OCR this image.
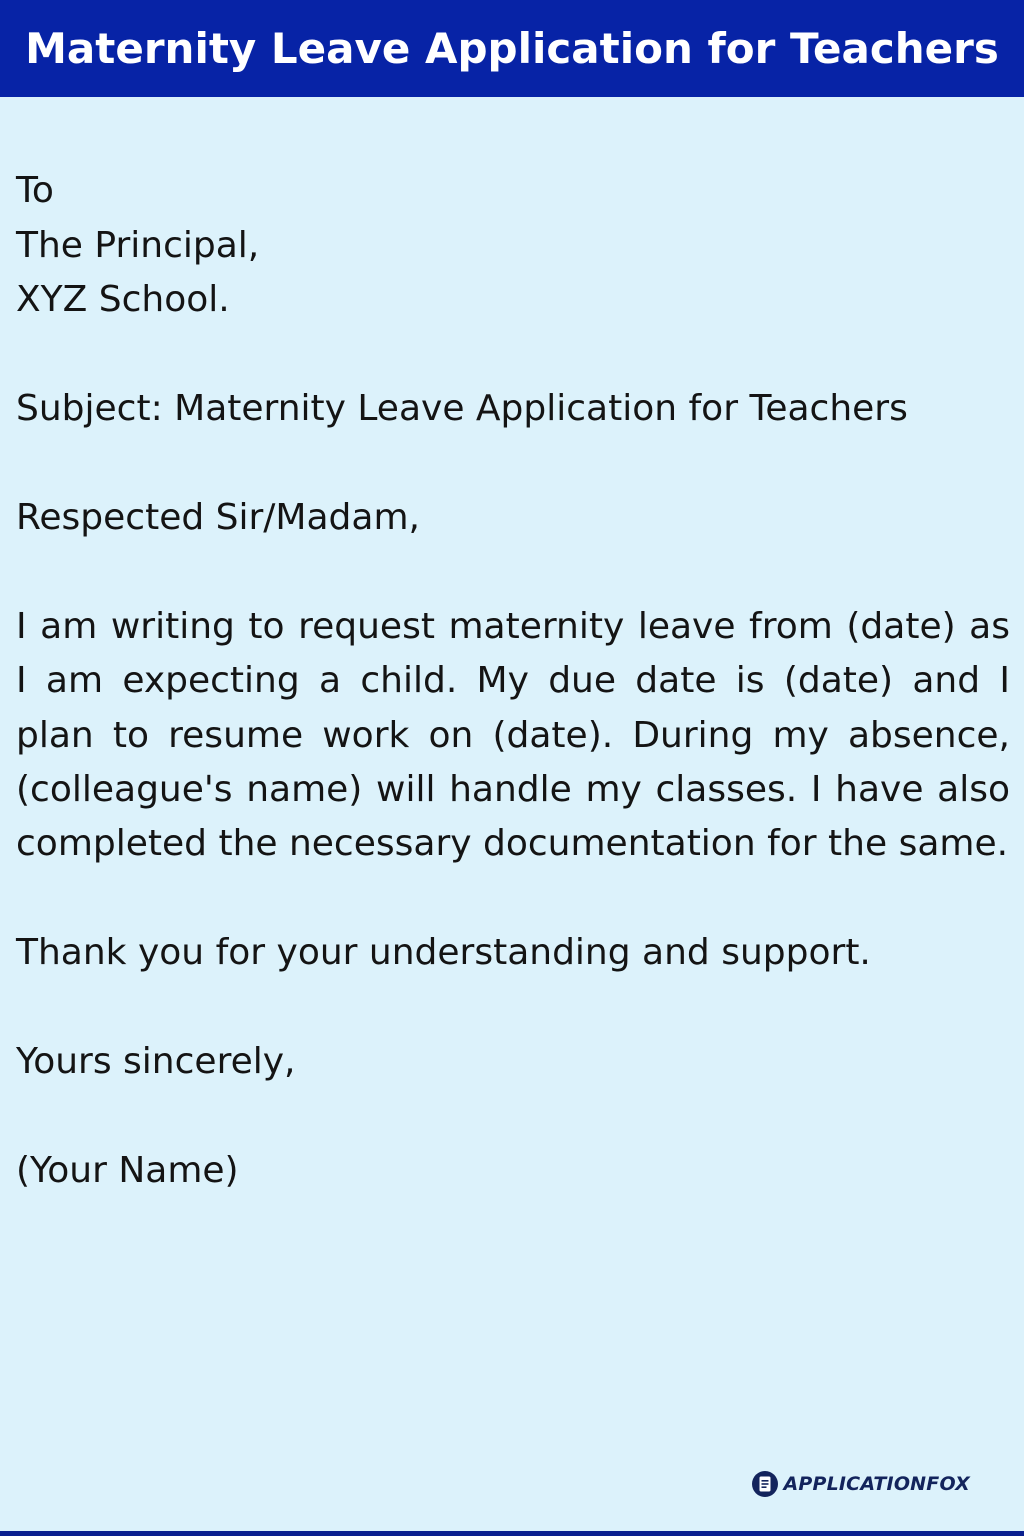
Maternity Leave Application for Teachers
To
The Principal,
XYZ School.
Subject: Maternity Leave Application for Teachers
Respected Sir/Madam,
I am writing to request maternity leave from (date) as I am expecting a child. My due date is (date) and I plan to resume work on (date). During my absence, (colleague's name) will handle my classes. I have also completed the necessary documentation for the same.
Thank you for your understanding and support.
Yours sincerely,
(Your Name)
APPLICATIONFOX
